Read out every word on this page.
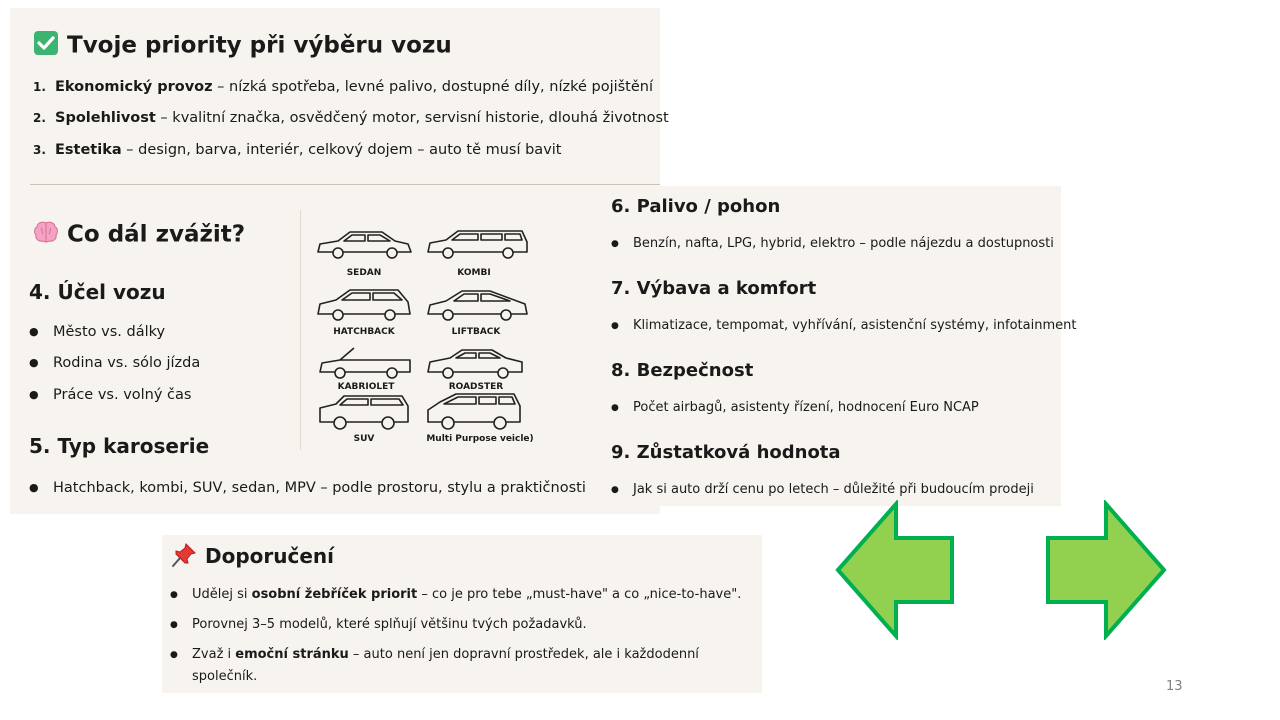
Tvoje priority při výběru vozu
1. Ekonomický provoz – nízká spotřeba, levné palivo, dostupné díly, nízké pojištění
2. Spolehlivost – kvalitní značka, osvědčený motor, servisní historie, dlouhá životnost
3. Estetika – design, barva, interiér, celkový dojem – auto tě musí bavit
Co dál zvážit?
4. Účel vozu
● Město vs. dálky
● Rodina vs. sólo jízda
● Práce vs. volný čas
5. Typ karoserie
● Hatchback, kombi, SUV, sedan, MPV – podle prostoru, stylu a praktičnosti
SEDAN	KOMBI
HATCHBACK	LIFTBACK
KABRIOLET	ROADSTER
SUV	Multi Purpose veicle)
6. Palivo / pohon
● Benzín, nafta, LPG, hybrid, elektro – podle nájezdu a dostupnosti
7. Výbava a komfort
● Klimatizace, tempomat, vyhřívání, asistenční systémy, infotainment
8. Bezpečnost
● Počet airbagů, asistenty řízení, hodnocení Euro NCAP
9. Zůstatková hodnota
● Jak si auto drží cenu po letech – důležité při budoucím prodeji
Doporučení
● Udělej si osobní žebříček priorit – co je pro tebe „must-have" a co „nice-to-have".
● Porovnej 3–5 modelů, které splňují většinu tvých požadavků.
● Zvaž i emoční stránku – auto není jen dopravní prostředek, ale i každodenní
společník.
13
